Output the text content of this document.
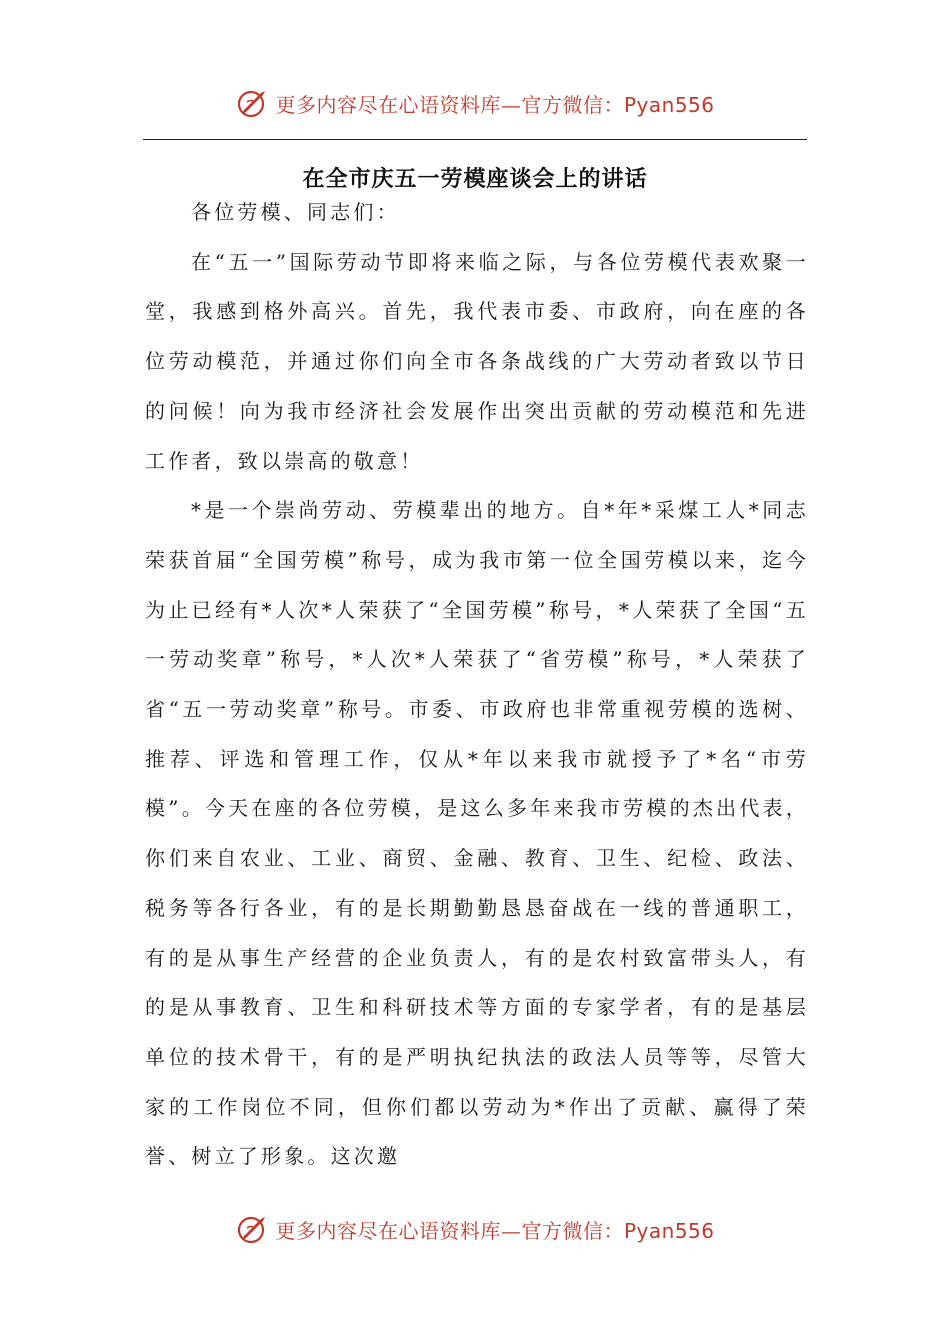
更多内容尽在心语资料库—官方微信：Pyan556
在全市庆五一劳模座谈会上的讲话

各位劳模、同志们：

在“五一”国际劳动节即将来临之际，与各位劳模代表欢聚一堂，我感到格外高兴。首先，我代表市委、市政府，向在座的各位劳动模范，并通过你们向全市各条战线的广大劳动者致以节日的问候！向为我市经济社会发展作出突出贡献的劳动模范和先进工作者，致以崇高的敬意！

*是一个崇尚劳动、劳模辈出的地方。自*年*采煤工人*同志荣获首届“全国劳模”称号，成为我市第一位全国劳模以来，迄今为止已经有*人次*人荣获了“全国劳模”称号，*人荣获了全国“五一劳动奖章”称号，*人次*人荣获了“省劳模”称号，*人荣获了省“五一劳动奖章”称号。市委、市政府也非常重视劳模的选树、推荐、评选和管理工作，仅从*年以来我市就授予了*名“市劳模”。今天在座的各位劳模，是这么多年来我市劳模的杰出代表，你们来自农业、工业、商贸、金融、教育、卫生、纪检、政法、税务等各行各业，有的是长期勤勤恳恳奋战在一线的普通职工，有的是从事生产经营的企业负责人，有的是农村致富带头人，有的是从事教育、卫生和科研技术等方面的专家学者，有的是基层单位的技术骨干，有的是严明执纪执法的政法人员等等，尽管大家的工作岗位不同，但你们都以劳动为*作出了贡献、赢得了荣誉、树立了形象。这次邀

更多内容尽在心语资料库—官方微信：Pyan556
